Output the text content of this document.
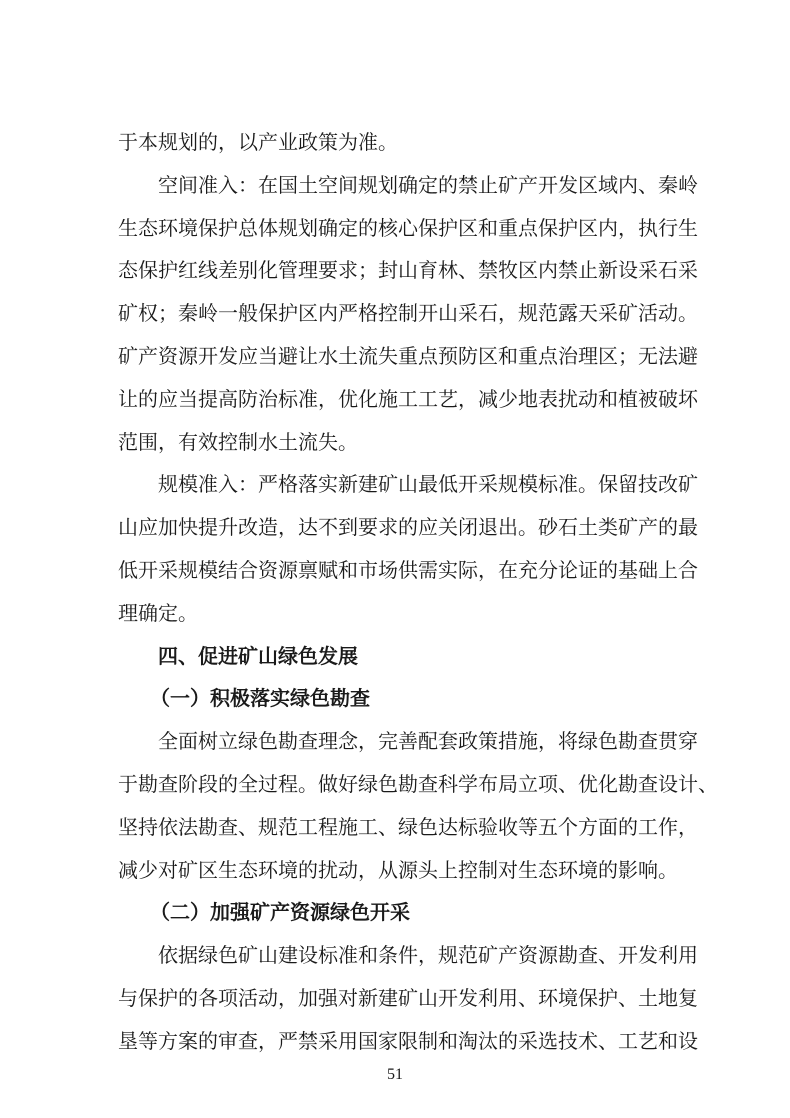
于本规划的，以产业政策为准。
空间准入：在国土空间规划确定的禁止矿产开发区域内、秦岭
生态环境保护总体规划确定的核心保护区和重点保护区内，执行生
态保护红线差别化管理要求；封山育林、禁牧区内禁止新设采石采
矿权；秦岭一般保护区内严格控制开山采石，规范露天采矿活动。
矿产资源开发应当避让水土流失重点预防区和重点治理区；无法避
让的应当提高防治标准，优化施工工艺，减少地表扰动和植被破坏
范围，有效控制水土流失。
规模准入：严格落实新建矿山最低开采规模标准。保留技改矿
山应加快提升改造，达不到要求的应关闭退出。砂石土类矿产的最
低开采规模结合资源禀赋和市场供需实际，在充分论证的基础上合
理确定。
四、促进矿山绿色发展
（一）积极落实绿色勘查
全面树立绿色勘查理念，完善配套政策措施，将绿色勘查贯穿
于勘查阶段的全过程。做好绿色勘查科学布局立项、优化勘查设计、
坚持依法勘查、规范工程施工、绿色达标验收等五个方面的工作，
减少对矿区生态环境的扰动，从源头上控制对生态环境的影响。
（二）加强矿产资源绿色开采
依据绿色矿山建设标准和条件，规范矿产资源勘查、开发利用
与保护的各项活动，加强对新建矿山开发利用、环境保护、土地复
51
垦等方案的审查，严禁采用国家限制和淘汰的采选技术、工艺和设
